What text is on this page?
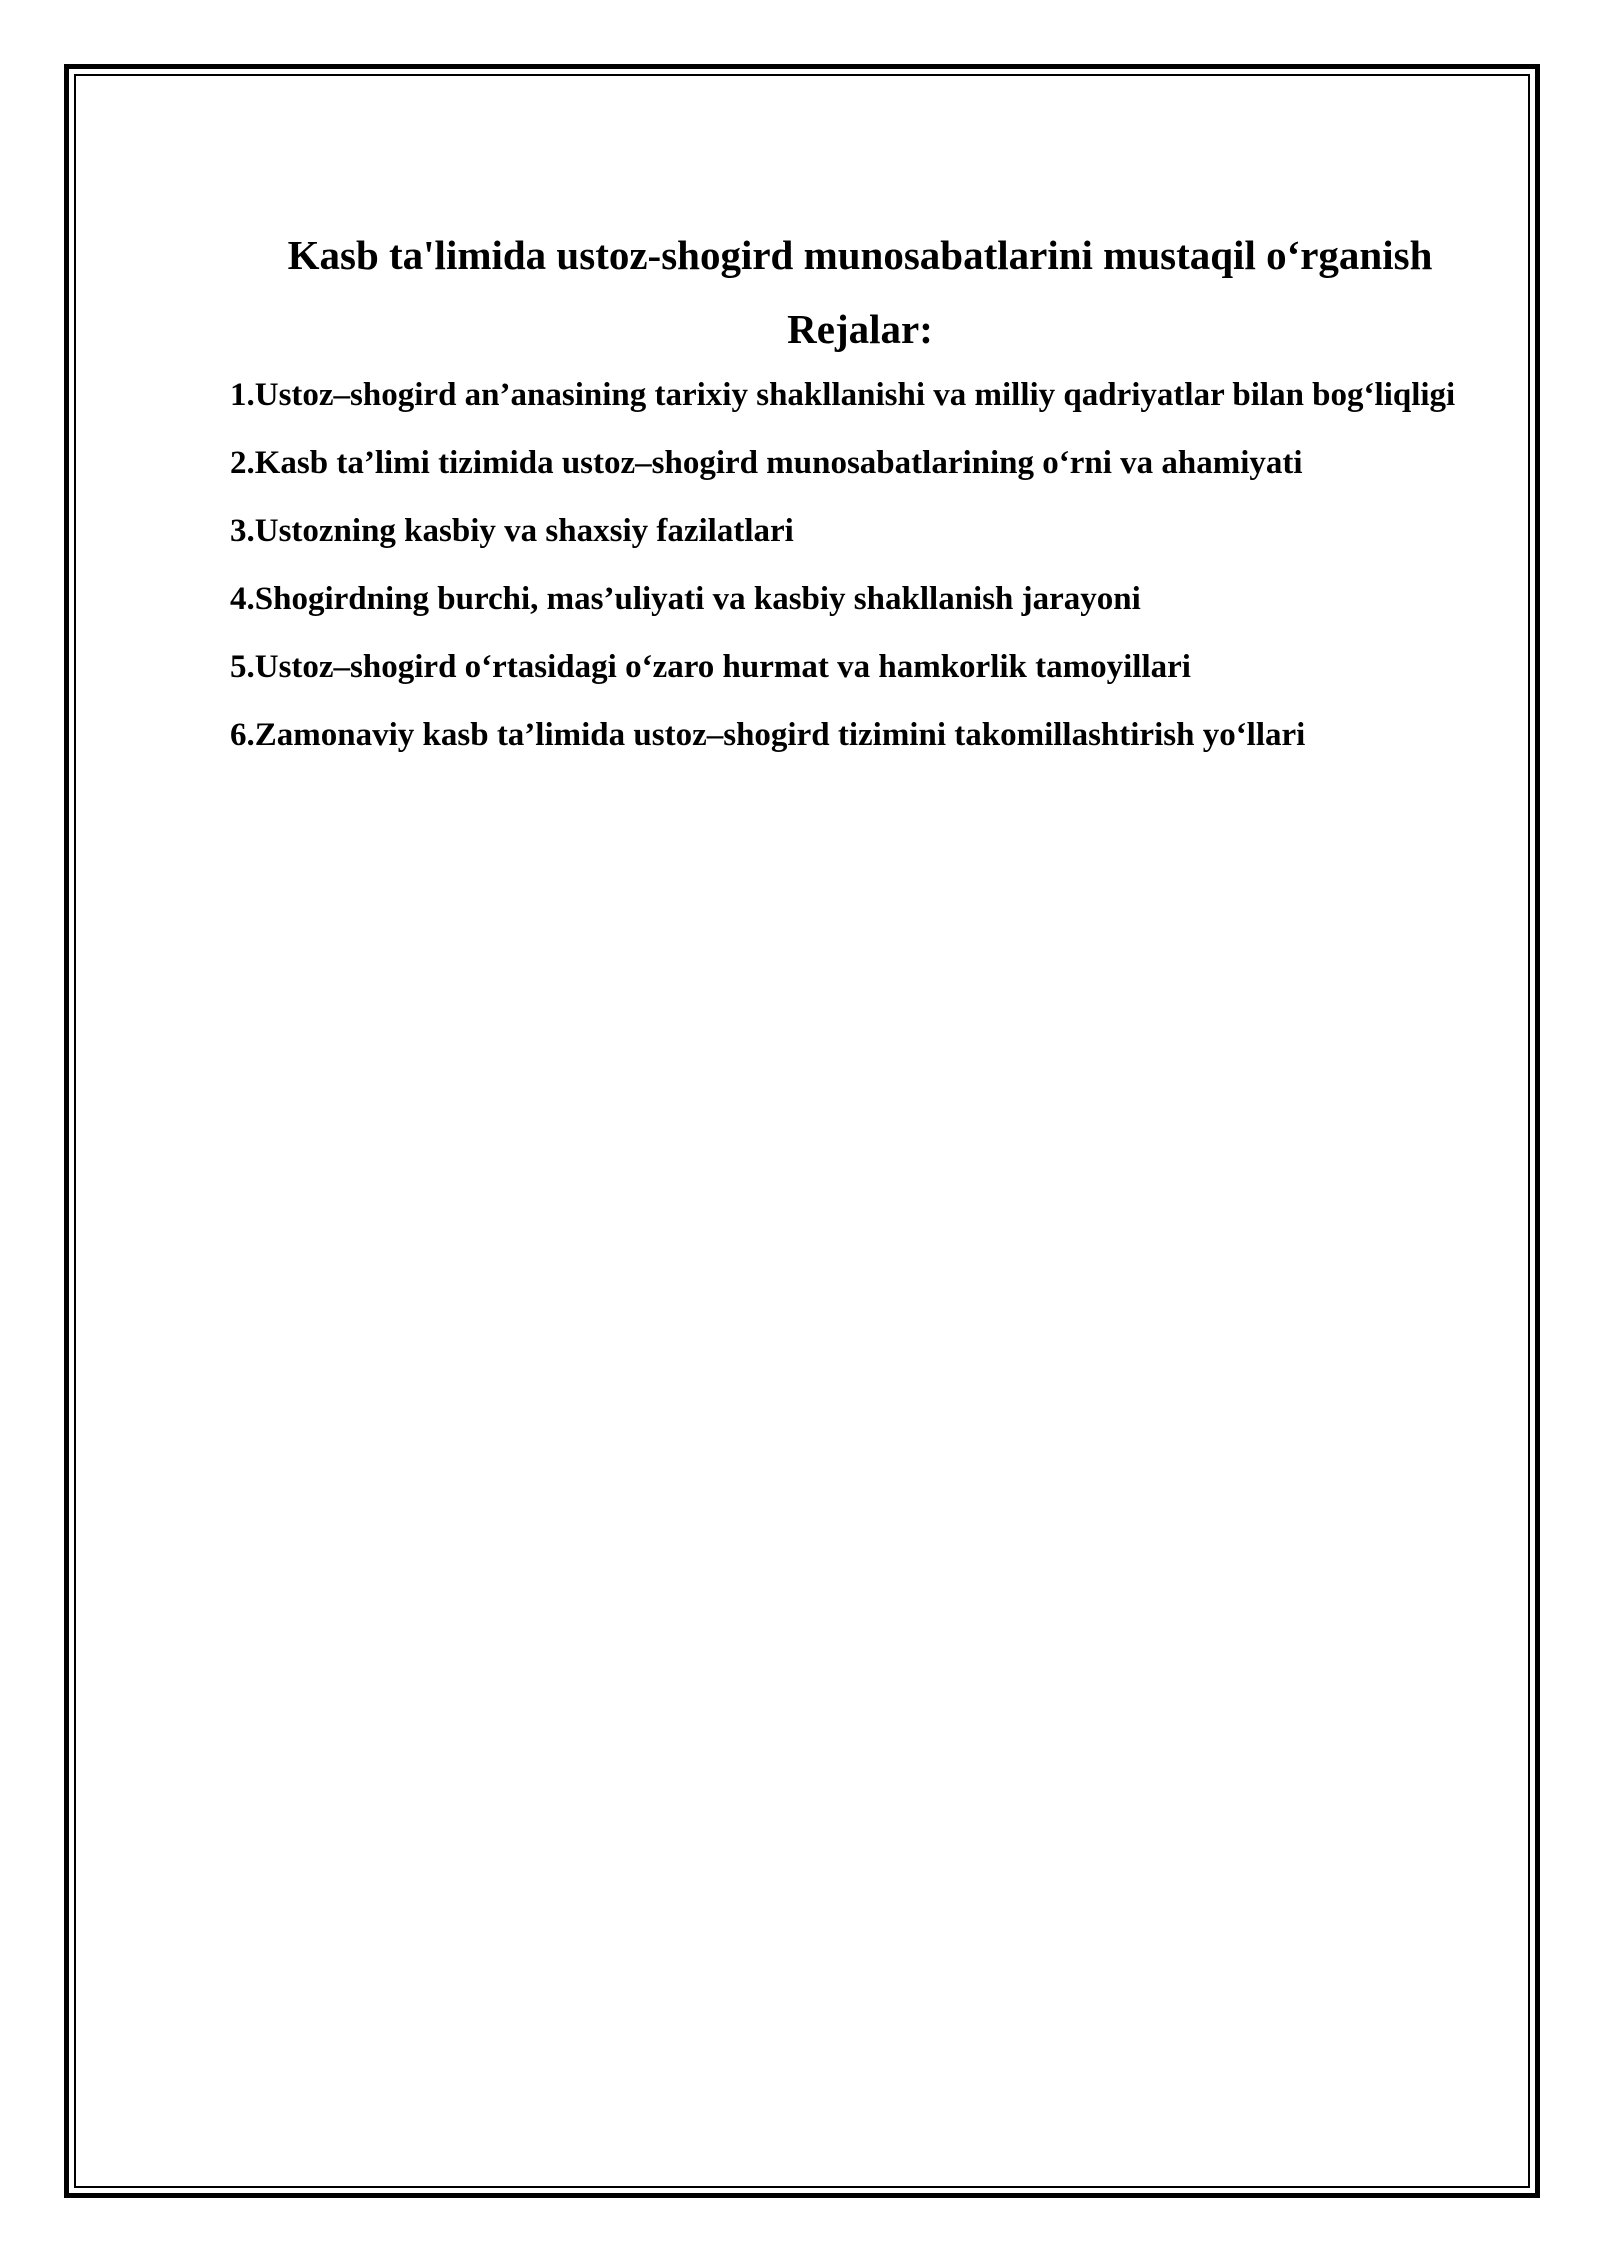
Kasb ta'limida ustoz-shogird munosabatlarini mustaqil o‘rganish
Rejalar:
1.Ustoz–shogird an’anasining tarixiy shakllanishi va milliy qadriyatlar bilan bog‘liqligi
2.Kasb ta’limi tizimida ustoz–shogird munosabatlarining o‘rni va ahamiyati
3.Ustozning kasbiy va shaxsiy fazilatlari
4.Shogirdning burchi, mas’uliyati va kasbiy shakllanish jarayoni
5.Ustoz–shogird o‘rtasidagi o‘zaro hurmat va hamkorlik tamoyillari
6.Zamonaviy kasb ta’limida ustoz–shogird tizimini takomillashtirish yo‘llari
